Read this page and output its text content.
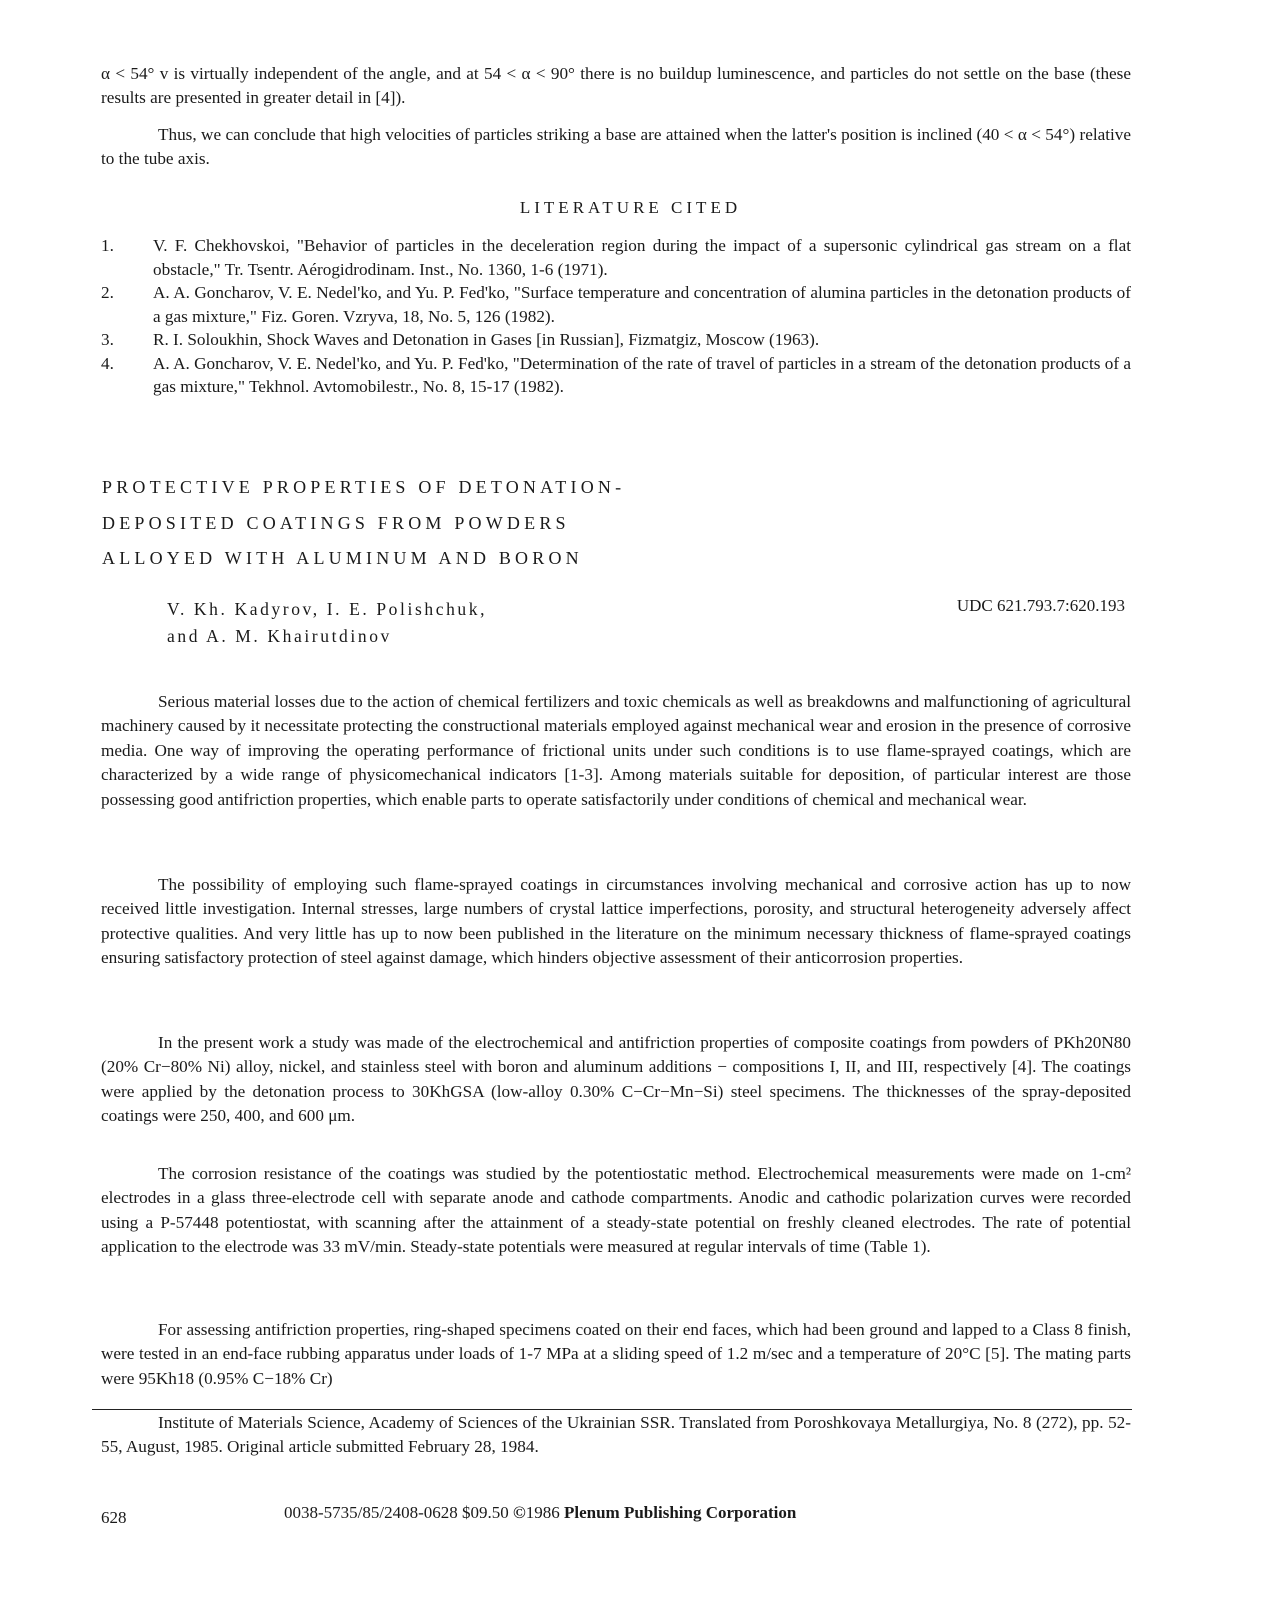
α < 54° v is virtually independent of the angle, and at 54 < α < 90° there is no buildup luminescence, and particles do not settle on the base (these results are presented in greater detail in [4]).

Thus, we can conclude that high velocities of particles striking a base are attained when the latter's position is inclined (40 < α < 54°) relative to the tube axis.

LITERATURE CITED

1. V. F. Chekhovskoi, "Behavior of particles in the deceleration region during the impact of a supersonic cylindrical gas stream on a flat obstacle," Tr. Tsentr. Aérogidrodinam. Inst., No. 1360, 1-6 (1971).
2. A. A. Goncharov, V. E. Nedel'ko, and Yu. P. Fed'ko, "Surface temperature and concentration of alumina particles in the detonation products of a gas mixture," Fiz. Goren. Vzryva, 18, No. 5, 126 (1982).
3. R. I. Soloukhin, Shock Waves and Detonation in Gases [in Russian], Fizmatgiz, Moscow (1963).
4. A. A. Goncharov, V. E. Nedel'ko, and Yu. P. Fed'ko, "Determination of the rate of travel of particles in a stream of the detonation products of a gas mixture," Tekhnol. Avtomobilestr., No. 8, 15-17 (1982).

PROTECTIVE PROPERTIES OF DETONATION-

DEPOSITED COATINGS FROM POWDERS

ALLOYED WITH ALUMINUM AND BORON

V. Kh. Kadyrov, I. E. Polishchuk,
and A. M. Khairutdinov

UDC 621.793.7:620.193

Serious material losses due to the action of chemical fertilizers and toxic chemicals as well as breakdowns and malfunctioning of agricultural machinery caused by it necessitate protecting the constructional materials employed against mechanical wear and erosion in the presence of corrosive media. One way of improving the operating performance of frictional units under such conditions is to use flame-sprayed coatings, which are characterized by a wide range of physicomechanical indicators [1-3]. Among materials suitable for deposition, of particular interest are those possessing good antifriction properties, which enable parts to operate satisfactorily under conditions of chemical and mechanical wear.

The possibility of employing such flame-sprayed coatings in circumstances involving mechanical and corrosive action has up to now received little investigation. Internal stresses, large numbers of crystal lattice imperfections, porosity, and structural heterogeneity adversely affect protective qualities. And very little has up to now been published in the literature on the minimum necessary thickness of flame-sprayed coatings ensuring satisfactory protection of steel against damage, which hinders objective assessment of their anticorrosion properties.

In the present work a study was made of the electrochemical and antifriction properties of composite coatings from powders of PKh20N80 (20% Cr−80% Ni) alloy, nickel, and stainless steel with boron and aluminum additions − compositions I, II, and III, respectively [4]. The coatings were applied by the detonation process to 30KhGSA (low-alloy 0.30% C−Cr−Mn−Si) steel specimens. The thicknesses of the spray-deposited coatings were 250, 400, and 600 μm.

The corrosion resistance of the coatings was studied by the potentiostatic method. Electrochemical measurements were made on 1-cm² electrodes in a glass three-electrode cell with separate anode and cathode compartments. Anodic and cathodic polarization curves were recorded using a P-57448 potentiostat, with scanning after the attainment of a steady-state potential on freshly cleaned electrodes. The rate of potential application to the electrode was 33 mV/min. Steady-state potentials were measured at regular intervals of time (Table 1).

For assessing antifriction properties, ring-shaped specimens coated on their end faces, which had been ground and lapped to a Class 8 finish, were tested in an end-face rubbing apparatus under loads of 1-7 MPa at a sliding speed of 1.2 m/sec and a temperature of 20°C [5]. The mating parts were 95Kh18 (0.95% C−18% Cr)

Institute of Materials Science, Academy of Sciences of the Ukrainian SSR. Translated from Poroshkovaya Metallurgiya, No. 8 (272), pp. 52-55, August, 1985. Original article submitted February 28, 1984.

628	0038-5735/85/2408-0628 $09.50 ©1986 Plenum Publishing Corporation
